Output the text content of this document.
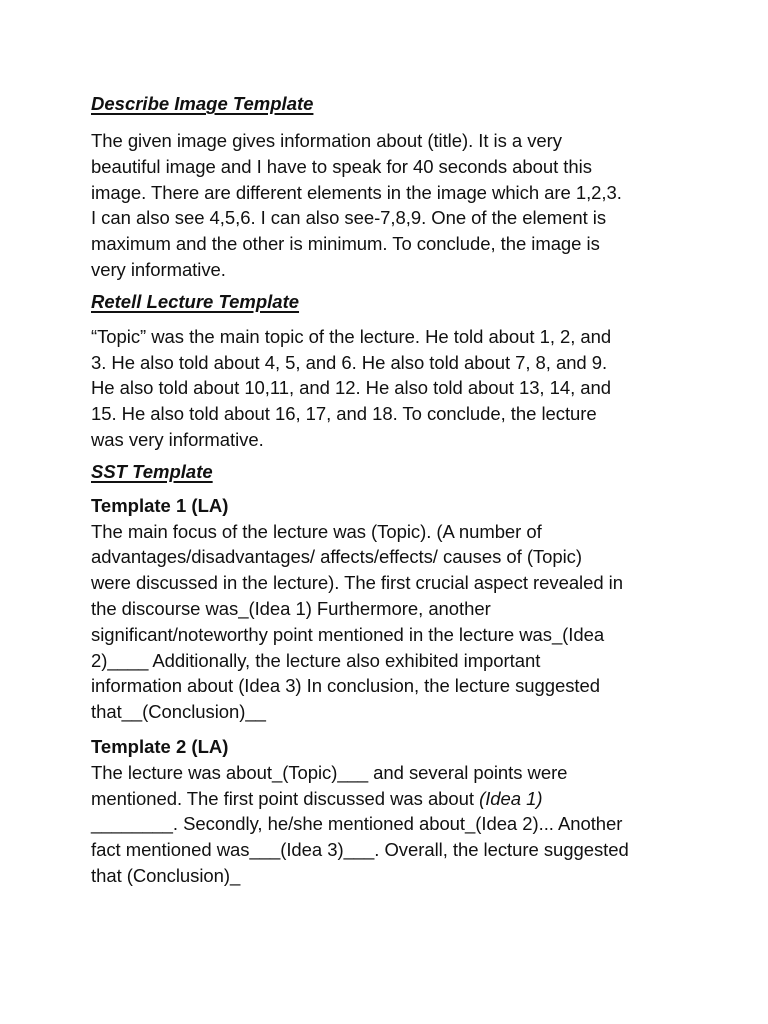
Describe Image Template

The given image gives information about (title). It is a very
beautiful image and I have to speak for 40 seconds about this
image. There are different elements in the image which are 1,2,3.
I can also see 4,5,6. I can also see-7,8,9. One of the element is
maximum and the other is minimum. To conclude, the image is
very informative.

Retell Lecture Template

“Topic” was the main topic of the lecture. He told about 1, 2, and
3. He also told about 4, 5, and 6. He also told about 7, 8, and 9.
He also told about 10,11, and 12. He also told about 13, 14, and
15. He also told about 16, 17, and 18. To conclude, the lecture
was very informative.

SST Template
Template 1 (LA)

The main focus of the lecture was (Topic). (A number of
advantages/disadvantages/ affects/effects/ causes of (Topic)
were discussed in the lecture). The first crucial aspect revealed in
the discourse was_(Idea 1) Furthermore, another
significant/noteworthy point mentioned in the lecture was_(Idea
2)____ Additionally, the lecture also exhibited important
information about (Idea 3) In conclusion, the lecture suggested
that__(Conclusion)__

Template 2 (LA)

The lecture was about_(Topic)___ and several points were
mentioned. The first point discussed was about (Idea 1)
________. Secondly, he/she mentioned about_(Idea 2)... Another
fact mentioned was___(Idea 3)___. Overall, the lecture suggested
that (Conclusion)_
